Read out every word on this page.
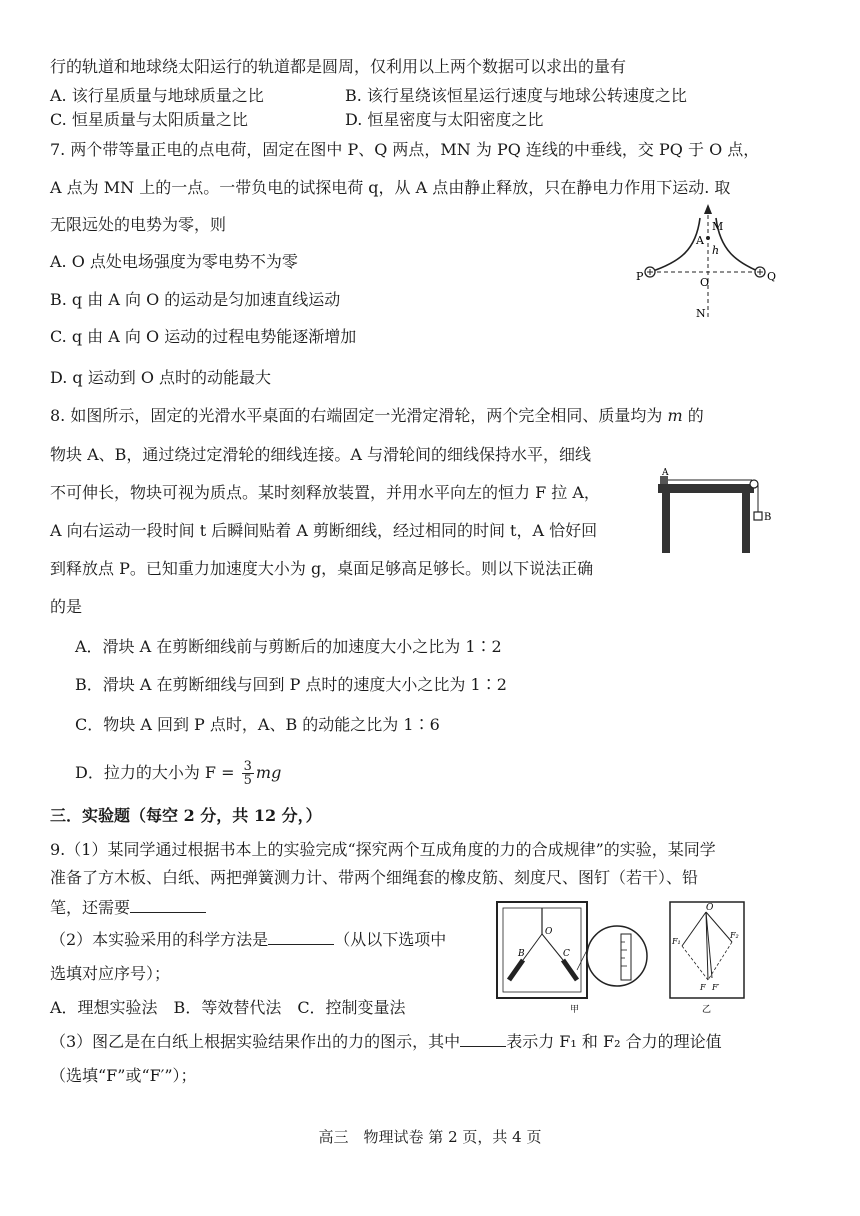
行的轨道和地球绕太阳运行的轨道都是圆周，仅利用以上两个数据可以求出的量有
A. 该行星质量与地球质量之比	B. 该行星绕该恒星运行速度与地球公转速度之比
C. 恒星质量与太阳质量之比	D. 恒星密度与太阳密度之比
7. 两个带等量正电的点电荷，固定在图中 P、Q 两点，MN 为 PQ 连线的中垂线，交 PQ 于 O 点，
A 点为 MN 上的一点。一带负电的试探电荷 q，从 A 点由静止释放，只在静电力作用下运动. 取
无限远处的电势为零，则
A. O 点处电场强度为零电势不为零
B. q 由 A 向 O 的运动是匀加速直线运动
C. q 由 A 向 O 运动的过程电势能逐渐增加
D. q 运动到 O 点时的动能最大
M
A
h
O
P	Q
N
8. 如图所示，固定的光滑水平桌面的右端固定一光滑定滑轮，两个完全相同、质量均为 m 的
物块 A、B，通过绕过定滑轮的细线连接。A 与滑轮间的细线保持水平，细线
不可伸长，物块可视为质点。某时刻释放装置，并用水平向左的恒力 F 拉 A，
A 向右运动一段时间 t 后瞬间贴着 A 剪断细线，经过相同的时间 t，A 恰好回
到释放点 P。已知重力加速度大小为 g，桌面足够高足够长。则以下说法正确
的是
A．滑块 A 在剪断细线前与剪断后的加速度大小之比为 1∶2
B．滑块 A 在剪断细线与回到 P 点时的速度大小之比为 1∶2
C．物块 A 回到 P 点时，A、B 的动能之比为 1∶6
D．拉力的大小为 $F = \frac{3}{5}$ mg
A
B
三．实验题（每空 2 分，共 12 分，）
9.（1）某同学通过根据书本上的实验完成“探究两个互成角度的力的合成规律”的实验，某同学
准备了方木板、白纸、两把弹簧测力计、带两个细绳套的橡皮筋、刻度尺、图钉（若干）、铅
笔，还需要
（2）本实验采用的科学方法是	（从以下选项中
选填对应序号）；
A．理想实验法　B．等效替代法　C．控制变量法
（3）图乙是在白纸上根据实验结果作出的力的图示，其中	表示力 F₁ 和 F₂ 合力的理论值
（选填“F”或“F′”）；
O
B	C
甲
O
F₁
F₂
F F′
乙
高三　物理试卷 第 2 页，共 4 页
